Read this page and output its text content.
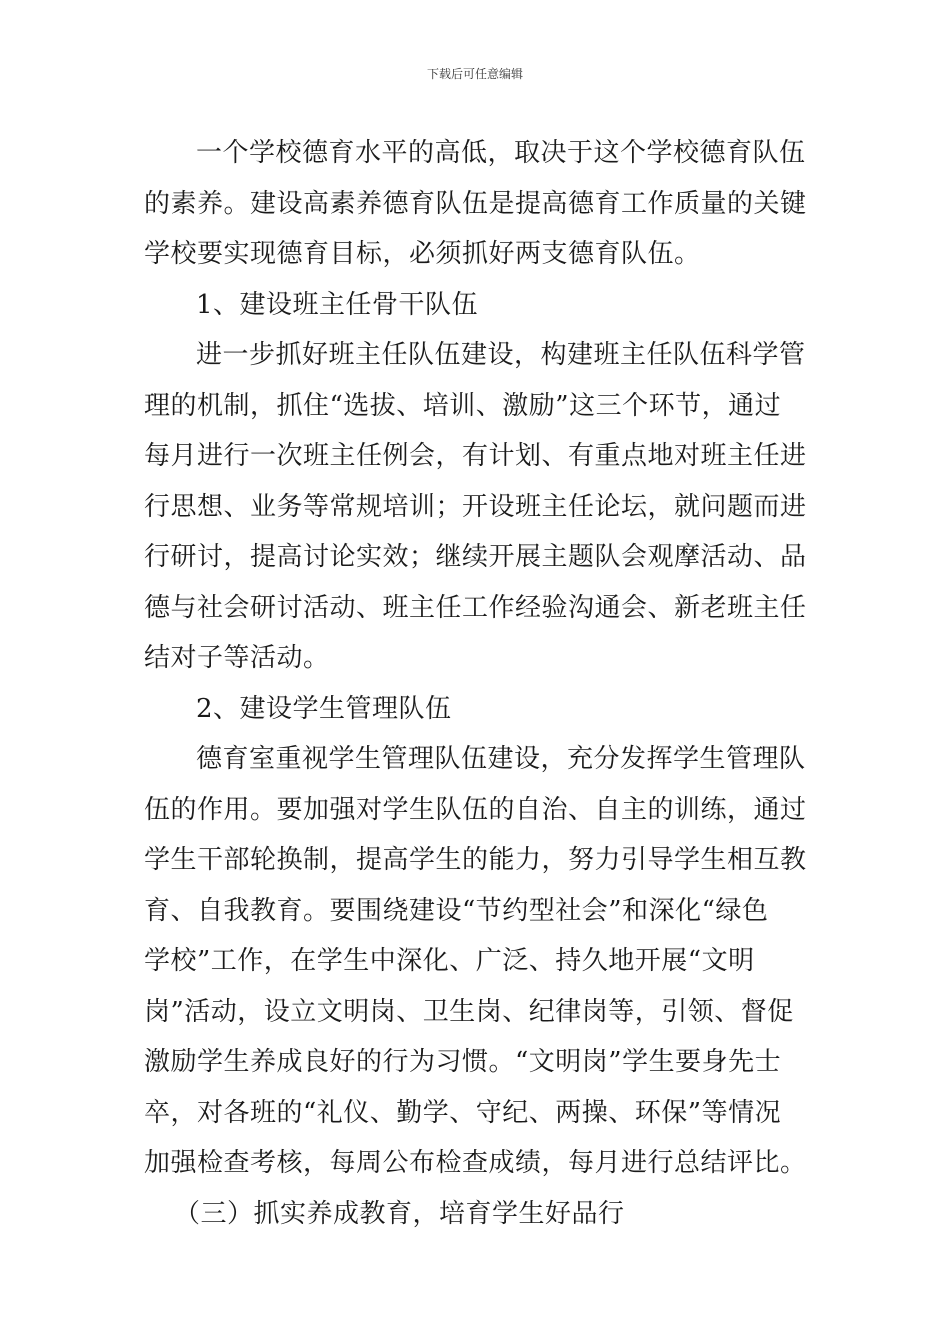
下载后可任意编辑
一个学校德育水平的高低，取决于这个学校德育队伍
的素养。建设高素养德育队伍是提高德育工作质量的关键
学校要实现德育目标，必须抓好两支德育队伍。
1、建设班主任骨干队伍
进一步抓好班主任队伍建设，构建班主任队伍科学管
理的机制，抓住“选拔、培训、激励”这三个环节，通过
每月进行一次班主任例会，有计划、有重点地对班主任进
行思想、业务等常规培训；开设班主任论坛，就问题而进
行研讨，提高讨论实效；继续开展主题队会观摩活动、品
德与社会研讨活动、班主任工作经验沟通会、新老班主任
结对子等活动。
2、建设学生管理队伍
德育室重视学生管理队伍建设，充分发挥学生管理队
伍的作用。要加强对学生队伍的自治、自主的训练，通过
学生干部轮换制，提高学生的能力，努力引导学生相互教
育、自我教育。要围绕建设“节约型社会”和深化“绿色
学校”工作，在学生中深化、广泛、持久地开展“文明
岗”活动，设立文明岗、卫生岗、纪律岗等，引领、督促
激励学生养成良好的行为习惯。“文明岗”学生要身先士
卒，对各班的“礼仪、勤学、守纪、两操、环保”等情况
加强检查考核，每周公布检查成绩，每月进行总结评比。
（三）抓实养成教育，培育学生好品行
